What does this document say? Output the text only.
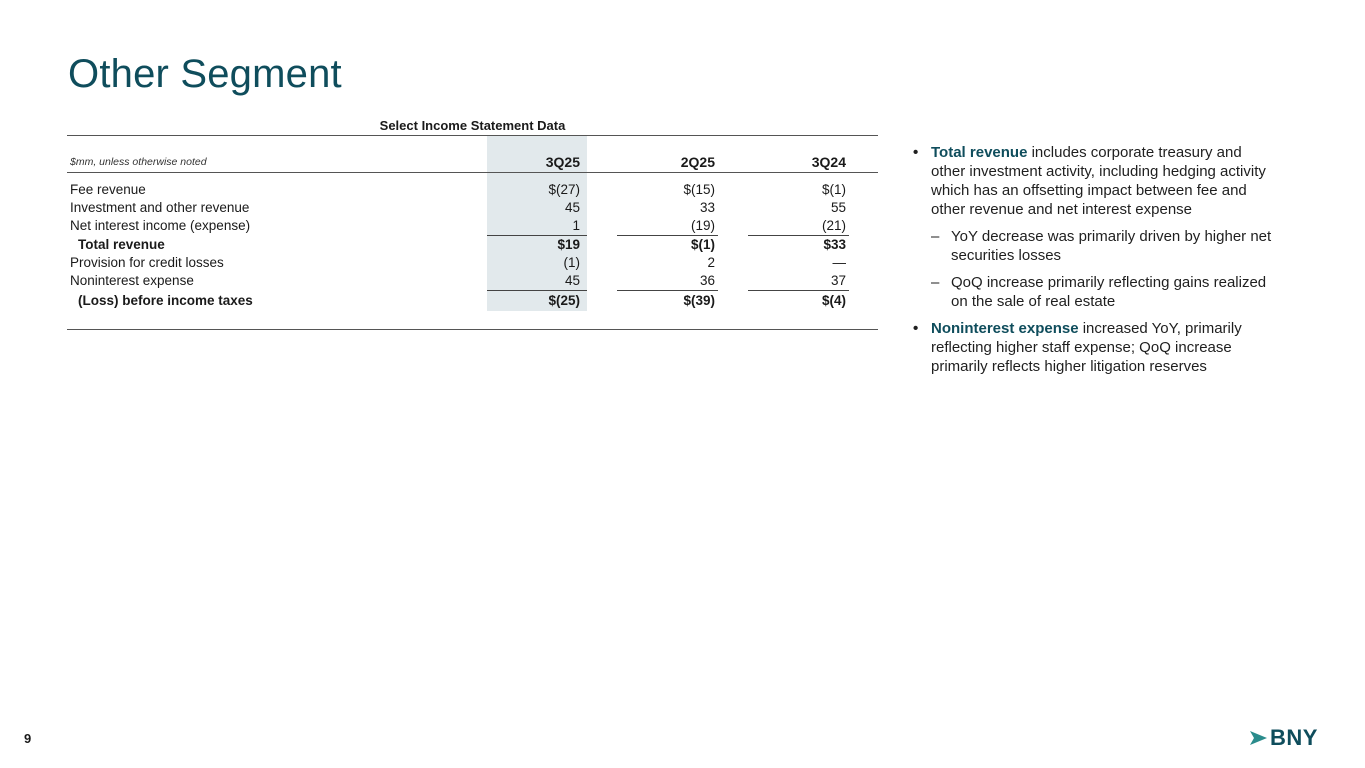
Other Segment
Select Income Statement Data
$mm, unless otherwise noted	3Q25		2Q25		3Q24	

Fee revenue	$(27)		$(15)		$(1)	
Investment and other revenue	45		33		55	
Net interest income (expense)	1		(19)		(21)	
Total revenue	$19		$(1)		$33	
Provision for credit losses	(1)		2		—	
Noninterest expense	45		36		37	
(Loss) before income taxes	$(25)		$(39)		$(4)	

• Total revenue includes corporate treasury and other investment activity, including hedging activity which has an offsetting impact between fee and other revenue and net interest expense
– YoY decrease was primarily driven by higher net securities losses
– QoQ increase primarily reflecting gains realized on the sale of real estate
• Noninterest expense increased YoY, primarily reflecting higher staff expense; QoQ increase primarily reflects higher litigation reserves
9	BNY
